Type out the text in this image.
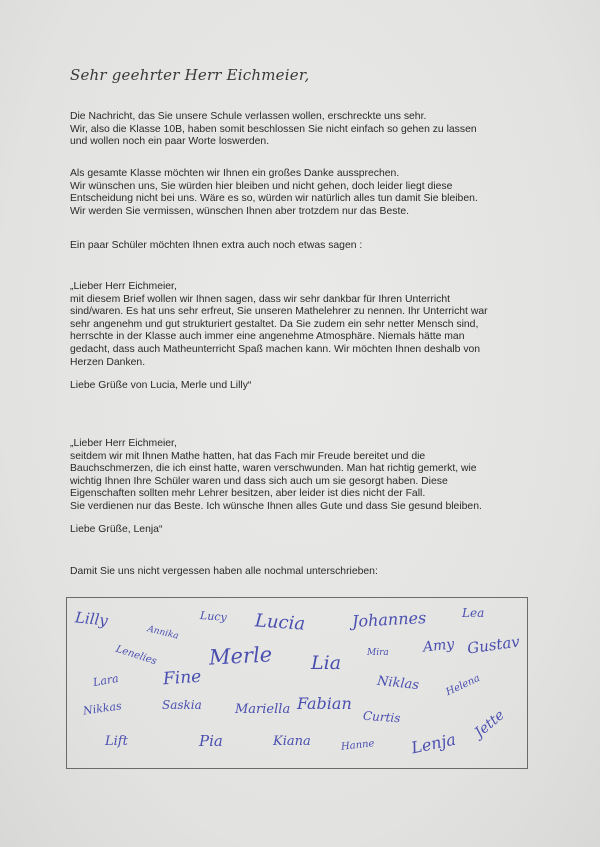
Sehr geehrter Herr Eichmeier,

Die Nachricht, das Sie unsere Schule verlassen wollen, erschreckte uns sehr.
Wir, also die Klasse 10B, haben somit beschlossen Sie nicht einfach so gehen zu lassen
und wollen noch ein paar Worte loswerden.

Als gesamte Klasse möchten wir Ihnen ein großes Danke aussprechen.
Wir wünschen uns, Sie würden hier bleiben und nicht gehen, doch leider liegt diese
Entscheidung nicht bei uns. Wäre es so, würden wir natürlich alles tun damit Sie bleiben.
Wir werden Sie vermissen, wünschen Ihnen aber trotzdem nur das Beste.

Ein paar Schüler möchten Ihnen extra auch noch etwas sagen :

„Lieber Herr Eichmeier,
mit diesem Brief wollen wir Ihnen sagen, dass wir sehr dankbar für Ihren Unterricht
sind/waren. Es hat uns sehr erfreut, Sie unseren Mathelehrer zu nennen. Ihr Unterricht war
sehr angenehm und gut strukturiert gestaltet. Da Sie zudem ein sehr netter Mensch sind,
herrschte in der Klasse auch immer eine angenehme Atmosphäre. Niemals hätte man
gedacht, dass auch Matheunterricht Spaß machen kann. Wir möchten Ihnen deshalb von
Herzen Danken.

Liebe Grüße von Lucia, Merle und Lilly“

„Lieber Herr Eichmeier,
seitdem wir mit Ihnen Mathe hatten, hat das Fach mir Freude bereitet und die
Bauchschmerzen, die ich einst hatte, waren verschwunden. Man hat richtig gemerkt, wie
wichtig Ihnen Ihre Schüler waren und dass sich auch um sie gesorgt haben. Diese
Eigenschaften sollten mehr Lehrer besitzen, aber leider ist dies nicht der Fall.
Sie verdienen nur das Beste. Ich wünsche Ihnen alles Gute und dass Sie gesund bleiben.

Liebe Grüße, Lenja“

Damit Sie uns nicht vergessen haben alle nochmal unterschrieben:

Lilly
Annika
Lucy Lucia	Johannes	Lea
Lenelies Merle	Mira Amy Gustav
Lara	Fine
Lia
Niklas Helena
Saskia	Mariella Fabian
Curtis
Nikkas
Lift	Pia	Kiana	Hanne Lenja
Jette
